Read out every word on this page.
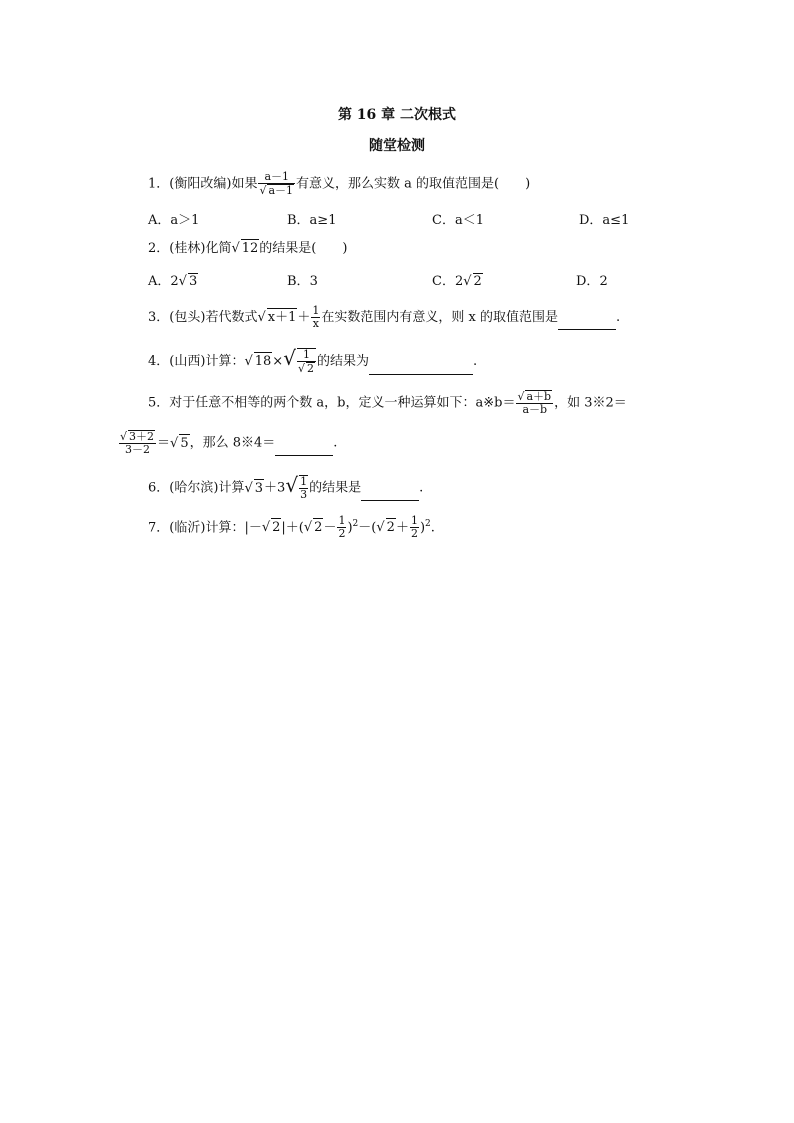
第 16 章 二次根式
随堂检测
1．(衡阳改编)如果 $\frac{a-1}{√ a-1}$ 有意义，那么实数 a 的取值范围是(　　)
A．a＞1	B．a≥1	C．a＜1	D．a≤1
2．(桂林)化简√ 12的结果是(　　)
A．2√ 3	B．3	C．2√ 2	D．2
3．(包头)若代数式√ $x+1+ \frac{1}{x}$ 在实数范围内有意义，则 x 的取值范围是	.
4．(山西)计算：√ $18\times√ \frac{1}{√ 2}$ 的结果为	.
5．对于任意不相等的两个数 a，b，定义一种运算如下：a※b＝ $\frac{√ a+b}{a-b}$ ，如 3※2＝
$\frac{√ 3+2}{3-2}$ ＝√ 5，那么 8※4＝	.
6．(哈尔滨)计算√ $3+3√ \frac{1}{3}$ 的结果是	.
7．(临沂)计算：|－√ 2|＋(√ $2- \frac{1}{2} )^2-(√$ $2+ \frac{1}{2} )^2$.
